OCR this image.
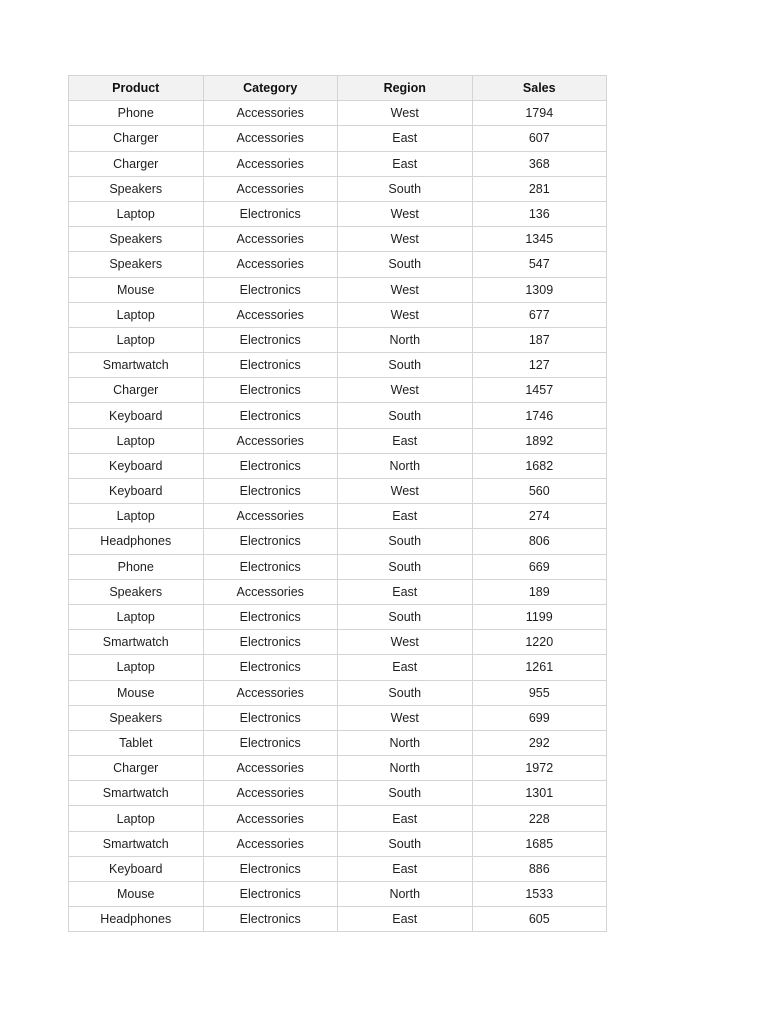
Product	Category	Region	Sales
Phone	Accessories	West	1794
Charger	Accessories	East	607
Charger	Accessories	East	368
Speakers	Accessories	South	281
Laptop	Electronics	West	136
Speakers	Accessories	West	1345
Speakers	Accessories	South	547
Mouse	Electronics	West	1309
Laptop	Accessories	West	677
Laptop	Electronics	North	187
Smartwatch	Electronics	South	127
Charger	Electronics	West	1457
Keyboard	Electronics	South	1746
Laptop	Accessories	East	1892
Keyboard	Electronics	North	1682
Keyboard	Electronics	West	560
Laptop	Accessories	East	274
Headphones	Electronics	South	806
Phone	Electronics	South	669
Speakers	Accessories	East	189
Laptop	Electronics	South	1199
Smartwatch	Electronics	West	1220
Laptop	Electronics	East	1261
Mouse	Accessories	South	955
Speakers	Electronics	West	699
Tablet	Electronics	North	292
Charger	Accessories	North	1972
Smartwatch	Accessories	South	1301
Laptop	Accessories	East	228
Smartwatch	Accessories	South	1685
Keyboard	Electronics	East	886
Mouse	Electronics	North	1533
Headphones	Electronics	East	605
